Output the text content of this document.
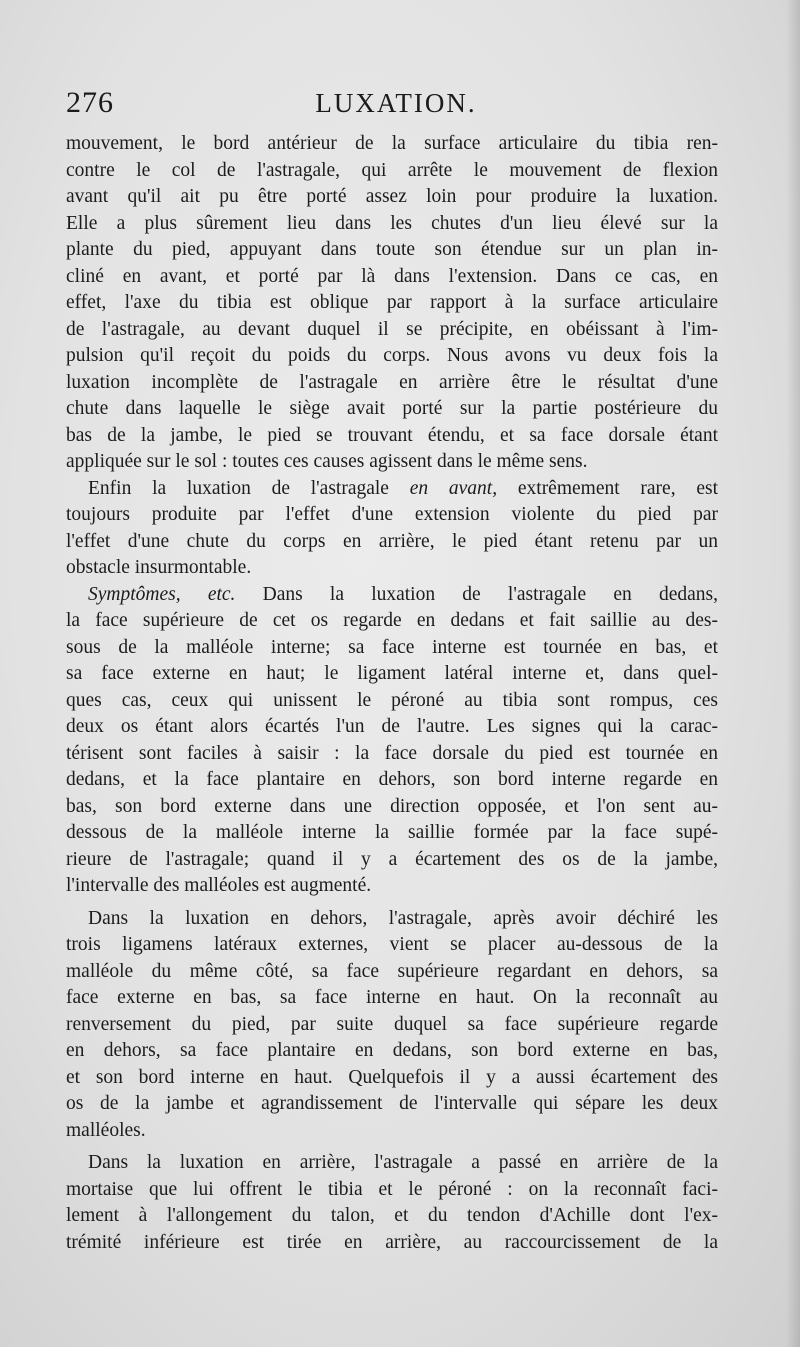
276	LUXATION.
mouvement, le bord antérieur de la surface articulaire du tibia ren-
contre le col de l'astragale, qui arrête le mouvement de flexion
avant qu'il ait pu être porté assez loin pour produire la luxation.
Elle a plus sûrement lieu dans les chutes d'un lieu élevé sur la
plante du pied, appuyant dans toute son étendue sur un plan in-
cliné en avant, et porté par là dans l'extension. Dans ce cas, en
effet, l'axe du tibia est oblique par rapport à la surface articulaire
de l'astragale, au devant duquel il se précipite, en obéissant à l'im-
pulsion qu'il reçoit du poids du corps. Nous avons vu deux fois la
luxation incomplète de l'astragale en arrière être le résultat d'une
chute dans laquelle le siège avait porté sur la partie postérieure du
bas de la jambe, le pied se trouvant étendu, et sa face dorsale étant
appliquée sur le sol : toutes ces causes agissent dans le même sens.
Enfin la luxation de l'astragale en avant, extrêmement rare, est
toujours produite par l'effet d'une extension violente du pied par
l'effet d'une chute du corps en arrière, le pied étant retenu par un
obstacle insurmontable.
Symptômes, etc. Dans la luxation de l'astragale en dedans,
la face supérieure de cet os regarde en dedans et fait saillie au des-
sous de la malléole interne; sa face interne est tournée en bas, et
sa face externe en haut; le ligament latéral interne et, dans quel-
ques cas, ceux qui unissent le péroné au tibia sont rompus, ces
deux os étant alors écartés l'un de l'autre. Les signes qui la carac-
térisent sont faciles à saisir : la face dorsale du pied est tournée en
dedans, et la face plantaire en dehors, son bord interne regarde en
bas, son bord externe dans une direction opposée, et l'on sent au-
dessous de la malléole interne la saillie formée par la face supé-
rieure de l'astragale; quand il y a écartement des os de la jambe,
l'intervalle des malléoles est augmenté.
Dans la luxation en dehors, l'astragale, après avoir déchiré les
trois ligamens latéraux externes, vient se placer au-dessous de la
malléole du même côté, sa face supérieure regardant en dehors, sa
face externe en bas, sa face interne en haut. On la reconnaît au
renversement du pied, par suite duquel sa face supérieure regarde
en dehors, sa face plantaire en dedans, son bord externe en bas,
et son bord interne en haut. Quelquefois il y a aussi écartement des
os de la jambe et agrandissement de l'intervalle qui sépare les deux
malléoles.
Dans la luxation en arrière, l'astragale a passé en arrière de la
mortaise que lui offrent le tibia et le péroné : on la reconnaît faci-
lement à l'allongement du talon, et du tendon d'Achille dont l'ex-
trémité inférieure est tirée en arrière, au raccourcissement de la
